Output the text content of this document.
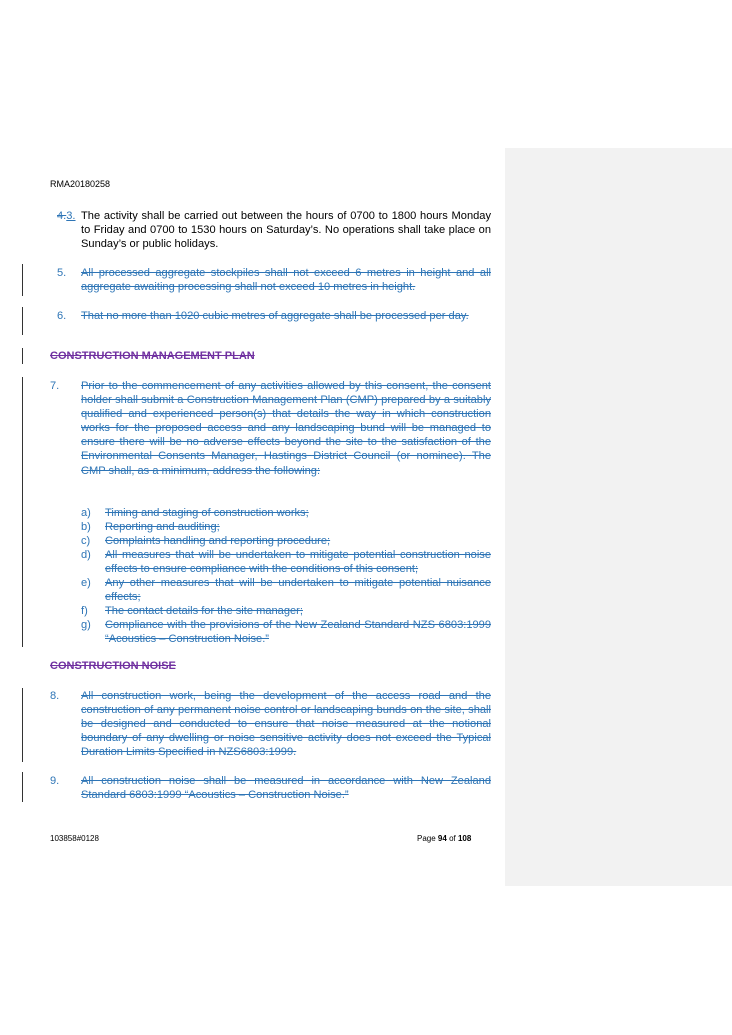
RMA20180258
4.3. The activity shall be carried out between the hours of 0700 to 1800 hours Monday to Friday and 0700 to 1530 hours on Saturday’s. No operations shall take place on Sunday’s or public holidays.
5.	All processed aggregate stockpiles shall not exceed 6 metres in height and all aggregate awaiting processing shall not exceed 10 metres in height.
6.	That no more than 1020 cubic metres of aggregate shall be processed per day.
CONSTRUCTION MANAGEMENT PLAN
7.	Prior to the commencement of any activities allowed by this consent, the consent holder shall submit a Construction Management Plan (CMP) prepared by a suitably qualified and experienced person(s) that details the way in which construction works for the proposed access and any landscaping bund will be managed to ensure there will be no adverse effects beyond the site to the satisfaction of the Environmental Consents Manager, Hastings District Council (or nominee). The CMP shall, as a minimum, address the following:
a)	Timing and staging of construction works;
b)	Reporting and auditing;
c)	Complaints handling and reporting procedure;
d)	All measures that will be undertaken to mitigate potential construction noise effects to ensure compliance with the conditions of this consent;
e)	Any other measures that will be undertaken to mitigate potential nuisance effects;
f)	The contact details for the site manager;
g)	Compliance with the provisions of the New Zealand Standard NZS 6803:1999 “Acoustics – Construction Noise.”
CONSTRUCTION NOISE
8.	All construction work, being the development of the access road and the construction of any permanent noise control or landscaping bunds on the site, shall be designed and conducted to ensure that noise measured at the notional boundary of any dwelling or noise sensitive activity does not exceed the Typical Duration Limits Specified in NZS6803:1999.
9.	All construction noise shall be measured in accordance with New Zealand Standard 6803:1999 “Acoustics – Construction Noise.”
103858#0128	Page 94 of 108
